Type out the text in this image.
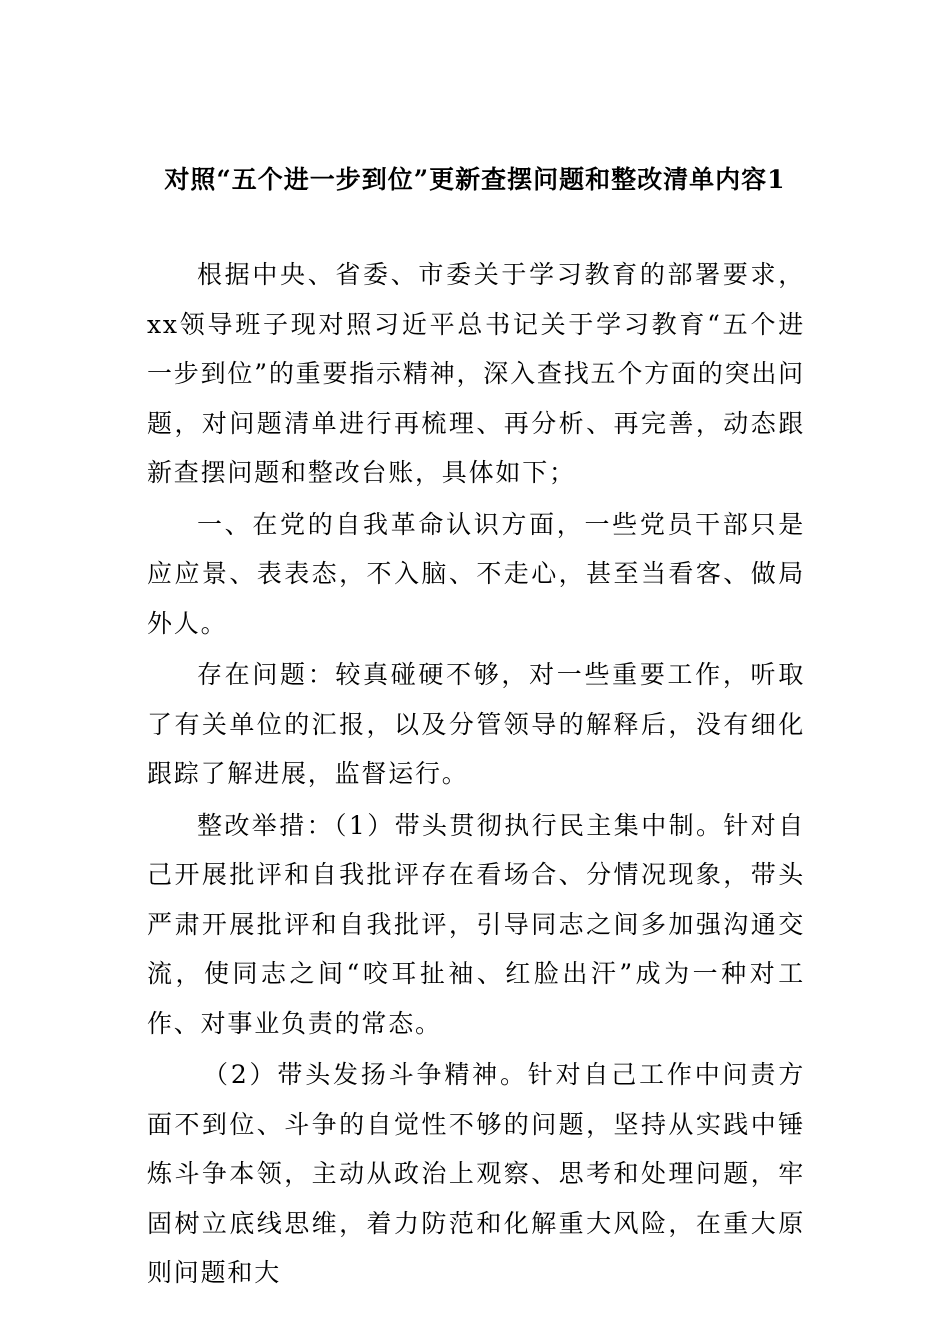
对照“五个进一步到位”更新查摆问题和整改清单内容1

根据中央、省委、市委关于学习教育的部署要求，xx领导班子现对照习近平总书记关于学习教育“五个进一步到位”的重要指示精神，深入查找五个方面的突出问题，对问题清单进行再梳理、再分析、再完善，动态跟新查摆问题和整改台账，具体如下；

一、在党的自我革命认识方面，一些党员干部只是应应景、表表态，不入脑、不走心，甚至当看客、做局外人。

存在问题：较真碰硬不够，对一些重要工作，听取了有关单位的汇报，以及分管领导的解释后，没有细化跟踪了解进展，监督运行。

整改举措：（1）带头贯彻执行民主集中制。针对自己开展批评和自我批评存在看场合、分情况现象，带头严肃开展批评和自我批评，引导同志之间多加强沟通交流，使同志之间“咬耳扯袖、红脸出汗”成为一种对工作、对事业负责的常态。

（2）带头发扬斗争精神。针对自己工作中问责方面不到位、斗争的自觉性不够的问题，坚持从实践中锤炼斗争本领，主动从政治上观察、思考和处理问题，牢固树立底线思维，着力防范和化解重大风险，在重大原则问题和大
